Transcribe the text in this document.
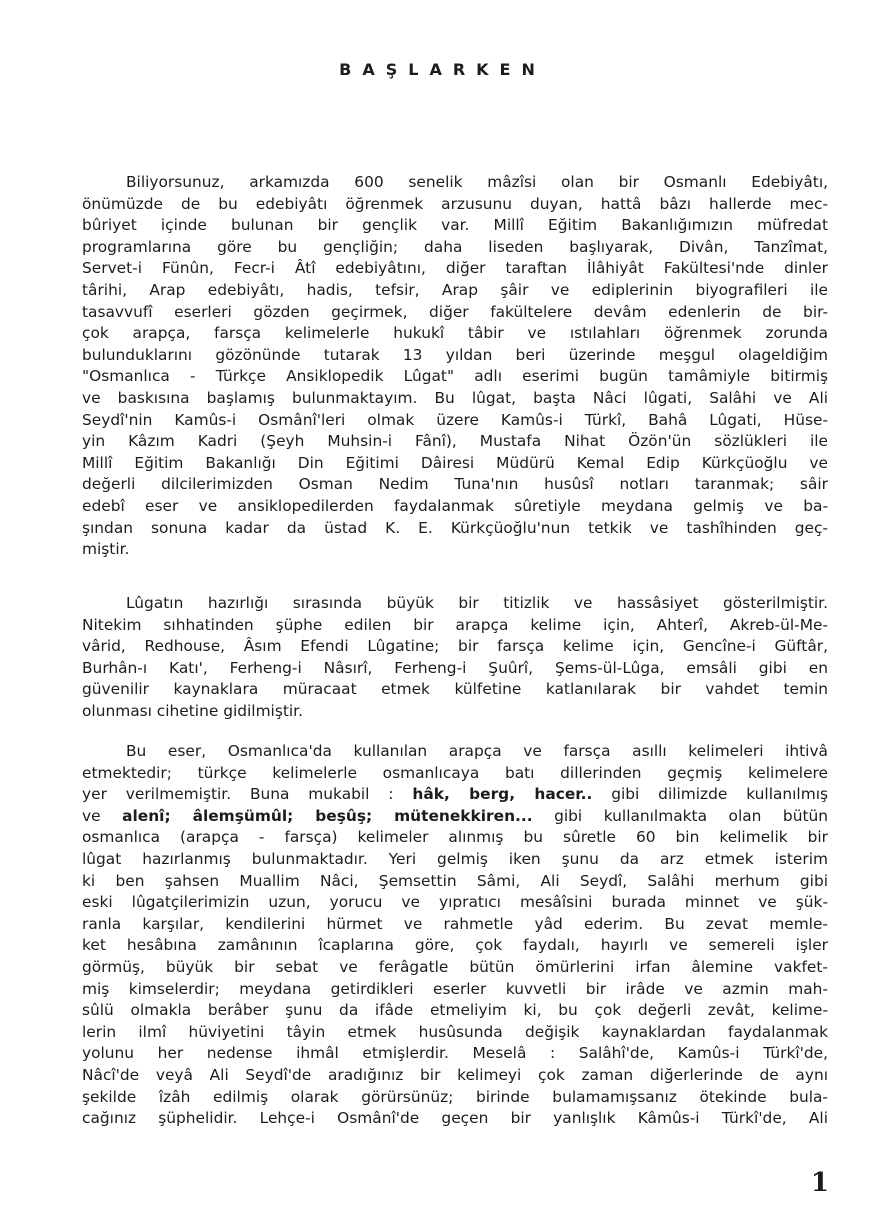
BAŞLARKEN
Biliyorsunuz, arkamızda 600 senelik mâzîsi olan bir Osmanlı Edebiyâtı,
önümüzde de bu edebiyâtı öğrenmek arzusunu duyan, hattâ bâzı hallerde mec-
bûriyet içinde bulunan bir gençlik var. Millî Eğitim Bakanlığımızın müfredat
programlarına göre bu gençliğin; daha liseden başlıyarak, Divân, Tanzîmat,
Servet-i Fünûn, Fecr-i Âtî edebiyâtını, diğer taraftan İlâhiyât Fakültesi'nde dinler
târihi, Arap edebiyâtı, hadis, tefsir, Arap şâir ve ediplerinin biyografileri ile
tasavvufî eserleri gözden geçirmek, diğer fakültelere devâm edenlerin de bir-
çok arapça, farsça kelimelerle hukukî tâbir ve ıstılahları öğrenmek zorunda
bulunduklarını gözönünde tutarak 13 yıldan beri üzerinde meşgul olageldiğim
"Osmanlıca - Türkçe Ansiklopedik Lûgat" adlı eserimi bugün tamâmiyle bitirmiş
ve baskısına başlamış bulunmaktayım. Bu lûgat, başta Nâci lûgati, Salâhi ve Ali
Seydî'nin Kamûs-i Osmânî'leri olmak üzere Kamûs-i Türkî, Bahâ Lûgati, Hüse-
yin Kâzım Kadri (Şeyh Muhsin-i Fânî), Mustafa Nihat Özön'ün sözlükleri ile
Millî Eğitim Bakanlığı Din Eğitimi Dâiresi Müdürü Kemal Edip Kürkçüoğlu ve
değerli dilcilerimizden Osman Nedim Tuna'nın husûsî notları taranmak; sâir
edebî eser ve ansiklopedilerden faydalanmak sûretiyle meydana gelmiş ve ba-
şından sonuna kadar da üstad K. E. Kürkçüoğlu'nun tetkik ve tashîhinden geç-
miştir.
Lûgatın hazırlığı sırasında büyük bir titizlik ve hassâsiyet gösterilmiştir.
Nitekim sıhhatinden şüphe edilen bir arapça kelime için, Ahterî, Akreb-ül-Me-
vârid, Redhouse, Âsım Efendi Lûgatine; bir farsça kelime için, Gencîne-i Güftâr,
Burhân-ı Katı', Ferheng-i Nâsırî, Ferheng-i Şuûrî, Şems-ül-Lûga, emsâli gibi en
güvenilir kaynaklara müracaat etmek külfetine katlanılarak bir vahdet temin
olunması cihetine gidilmiştir.
Bu eser, Osmanlıca'da kullanılan arapça ve farsça asıllı kelimeleri ihtivâ
etmektedir; türkçe kelimelerle osmanlıcaya batı dillerinden geçmiş kelimelere
yer verilmemiştir. Buna mukabil : hâk, berg, hacer.. gibi dilimizde kullanılmış
ve alenî; âlemşümûl; beşûş; mütenekkiren... gibi kullanılmakta olan bütün
osmanlıca (arapça - farsça) kelimeler alınmış bu sûretle 60 bin kelimelik bir
lûgat hazırlanmış bulunmaktadır. Yeri gelmiş iken şunu da arz etmek isterim
ki ben şahsen Muallim Nâci, Şemsettin Sâmi, Ali Seydî, Salâhi merhum gibi
eski lûgatçilerimizin uzun, yorucu ve yıpratıcı mesâîsini burada minnet ve şük-
ranla karşılar, kendilerini hürmet ve rahmetle yâd ederim. Bu zevat memle-
ket hesâbına zamânının îcaplarına göre, çok faydalı, hayırlı ve semereli işler
görmüş, büyük bir sebat ve ferâgatle bütün ömürlerini irfan âlemine vakfet-
miş kimselerdir; meydana getirdikleri eserler kuvvetli bir irâde ve azmin mah-
sûlü olmakla berâber şunu da ifâde etmeliyim ki, bu çok değerli zevât, kelime-
lerin ilmî hüviyetini tâyin etmek husûsunda değişik kaynaklardan faydalanmak
yolunu her nedense ihmâl etmişlerdir. Meselâ : Salâhî'de, Kamûs-i Türkî'de,
Nâcî'de veyâ Ali Seydî'de aradığınız bir kelimeyi çok zaman diğerlerinde de aynı
şekilde îzâh edilmiş olarak görürsünüz; birinde bulamamışsanız ötekinde bula-
cağınız şüphelidir. Lehçe-i Osmânî'de geçen bir yanlışlık Kâmûs-i Türkî'de, Ali

1
